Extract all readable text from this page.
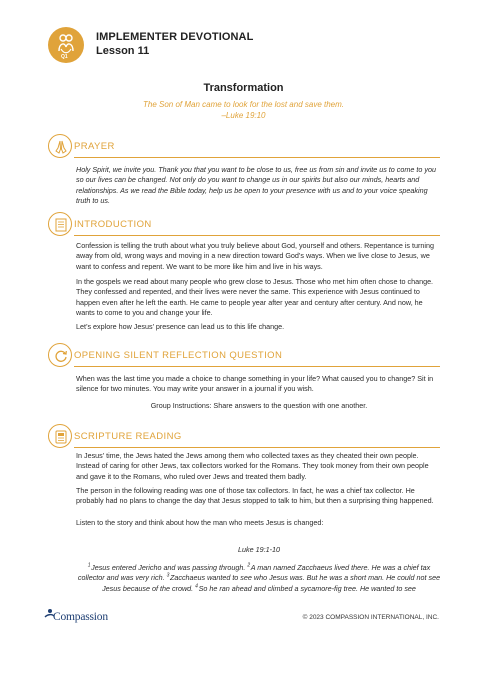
Q1
IMPLEMENTER DEVOTIONAL
Lesson 11
Transformation
The Son of Man came to look for the lost and save them.
–Luke 19:10
PRAYER
Holy Spirit, we invite you. Thank you that you want to be close to us, free us from sin and invite us to come to you so our lives can be changed. Not only do you want to change us in our spirits but also our minds, hearts and relationships. As we read the Bible today, help us be open to your presence with us and to your voice speaking truth to us.
INTRODUCTION
Confession is telling the truth about what you truly believe about God, yourself and others. Repentance is turning away from old, wrong ways and moving in a new direction toward God’s ways. When we live close to Jesus, we want to confess and repent. We want to be more like him and live in his ways.
In the gospels we read about many people who grew close to Jesus. Those who met him often chose to change. They confessed and repented, and their lives were never the same. This experience with Jesus continued to happen even after he left the earth. He came to people year after year and century after century. And now, he wants to come to you and change your life.
Let’s explore how Jesus’ presence can lead us to this life change.
OPENING SILENT REFLECTION QUESTION
When was the last time you made a choice to change something in your life? What caused you to change? Sit in silence for two minutes. You may write your answer in a journal if you wish.
Group Instructions: Share answers to the question with one another.
SCRIPTURE READING
In Jesus’ time, the Jews hated the Jews among them who collected taxes as they cheated their own people. Instead of caring for other Jews, tax collectors worked for the Romans. They took money from their own people and gave it to the Romans, who ruled over Jews and treated them badly.
The person in the following reading was one of those tax collectors. In fact, he was a chief tax collector. He probably had no plans to change the day that Jesus stopped to talk to him, but then a surprising thing happened.
Listen to the story and think about how the man who meets Jesus is changed:
Luke 19:1-10
$^1$ Jesus entered Jericho and was passing through. $^2$ A man named Zacchaeus lived there. He was a chief tax collector and was very rich. $^3$ Zacchaeus wanted to see who Jesus was. But he was a short man. He could not see Jesus because of the crowd. $^4$ So he ran ahead and climbed a sycamore-fig tree. He wanted to see
Compassion	© 2023 COMPASSION INTERNATIONAL, INC.
